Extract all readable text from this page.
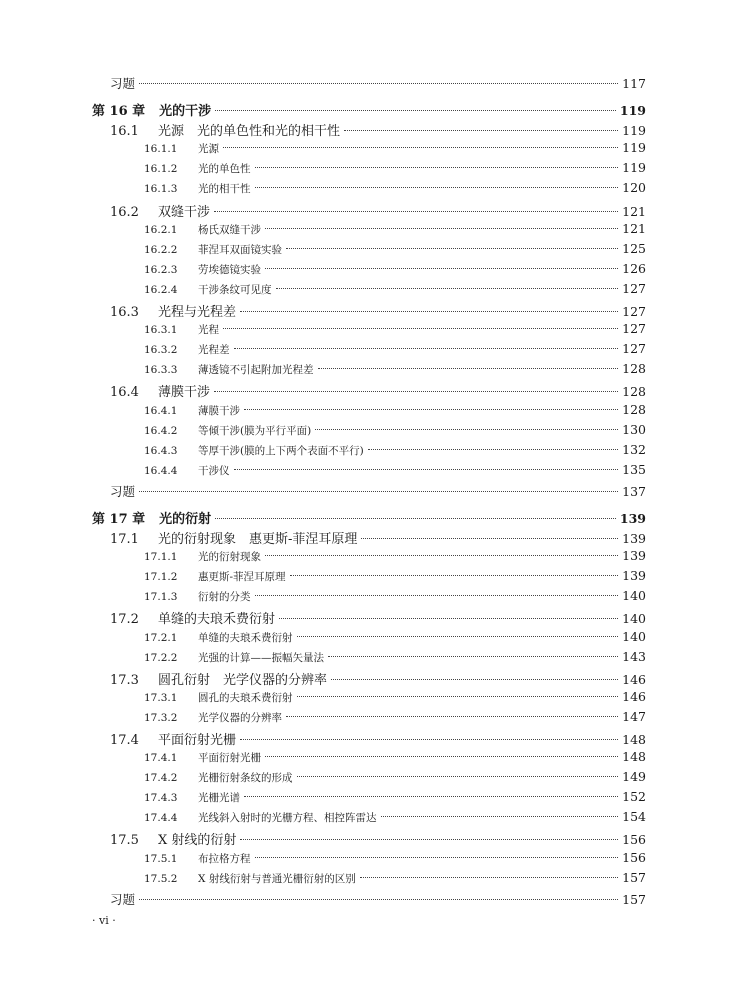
习题	117
第 16 章 光的干涉	119
16.1	光源　光的单色性和光的相干性	119
16.1.1	光源	119
16.1.2	光的单色性	119
16.1.3	光的相干性	120
16.2	双缝干涉	121
16.2.1	杨氏双缝干涉	121
16.2.2	菲涅耳双面镜实验	125
16.2.3	劳埃德镜实验	126
16.2.4	干涉条纹可见度	127
16.3	光程与光程差	127
16.3.1	光程	127
16.3.2	光程差	127
16.3.3	薄透镜不引起附加光程差	128
16.4	薄膜干涉	128
16.4.1	薄膜干涉	128
16.4.2	等倾干涉(膜为平行平面)	130
16.4.3	等厚干涉(膜的上下两个表面不平行)	132
16.4.4	干涉仪	135
习题	137
第 17 章 光的衍射	139
17.1	光的衍射现象　惠更斯-菲涅耳原理	139
17.1.1	光的衍射现象	139
17.1.2	惠更斯-菲涅耳原理	139
17.1.3	衍射的分类	140
17.2	单缝的夫琅禾费衍射	140
17.2.1	单缝的夫琅禾费衍射	140
17.2.2	光强的计算——振幅矢量法	143
17.3	圆孔衍射　光学仪器的分辨率	146
17.3.1	圆孔的夫琅禾费衍射	146
17.3.2	光学仪器的分辨率	147
17.4	平面衍射光栅	148
17.4.1	平面衍射光栅	148
17.4.2	光栅衍射条纹的形成	149
17.4.3	光栅光谱	152
17.4.4	光线斜入射时的光栅方程、相控阵雷达	154
17.5	X 射线的衍射	156
17.5.1	布拉格方程	156
17.5.2	X 射线衍射与普通光栅衍射的区别	157
习题	157
· vi ·
